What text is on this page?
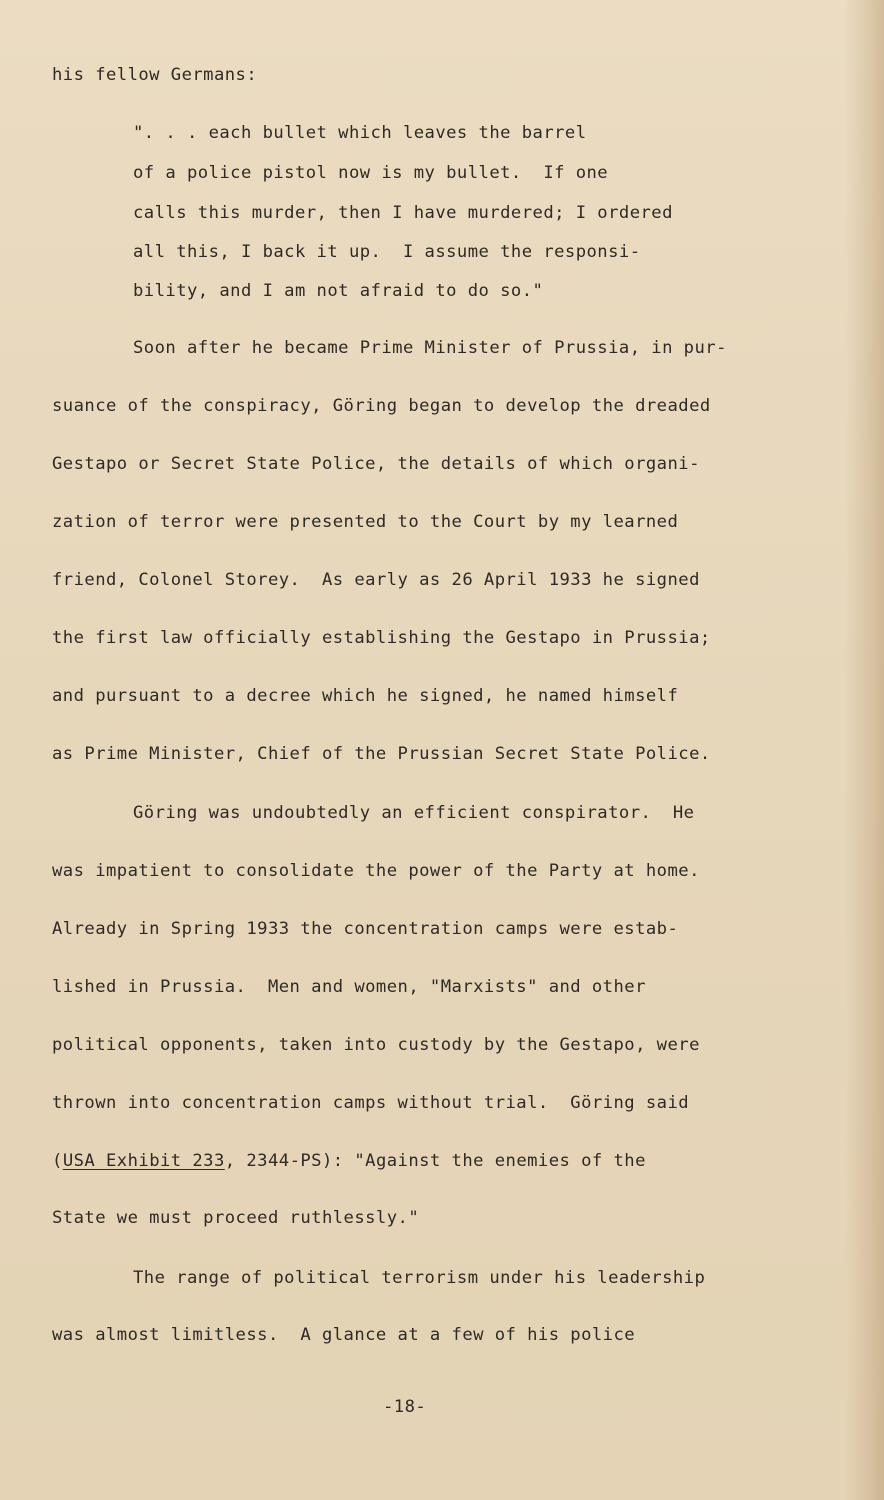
his fellow Germans:
". . . each bullet which leaves the barrel
of a police pistol now is my bullet.  If one
calls this murder, then I have murdered; I ordered
all this, I back it up.  I assume the responsi-
bility, and I am not afraid to do so."
Soon after he became Prime Minister of Prussia, in pur-
suance of the conspiracy, Göring began to develop the dreaded
Gestapo or Secret State Police, the details of which organi-
zation of terror were presented to the Court by my learned
friend, Colonel Storey.  As early as 26 April 1933 he signed
the first law officially establishing the Gestapo in Prussia;
and pursuant to a decree which he signed, he named himself
as Prime Minister, Chief of the Prussian Secret State Police.
Göring was undoubtedly an efficient conspirator.  He
was impatient to consolidate the power of the Party at home.
Already in Spring 1933 the concentration camps were estab-
lished in Prussia.  Men and women, "Marxists" and other
political opponents, taken into custody by the Gestapo, were
thrown into concentration camps without trial.  Göring said
(USA Exhibit 233, 2344-PS): "Against the enemies of the
State we must proceed ruthlessly."
The range of political terrorism under his leadership
was almost limitless.  A glance at a few of his police
-18-
